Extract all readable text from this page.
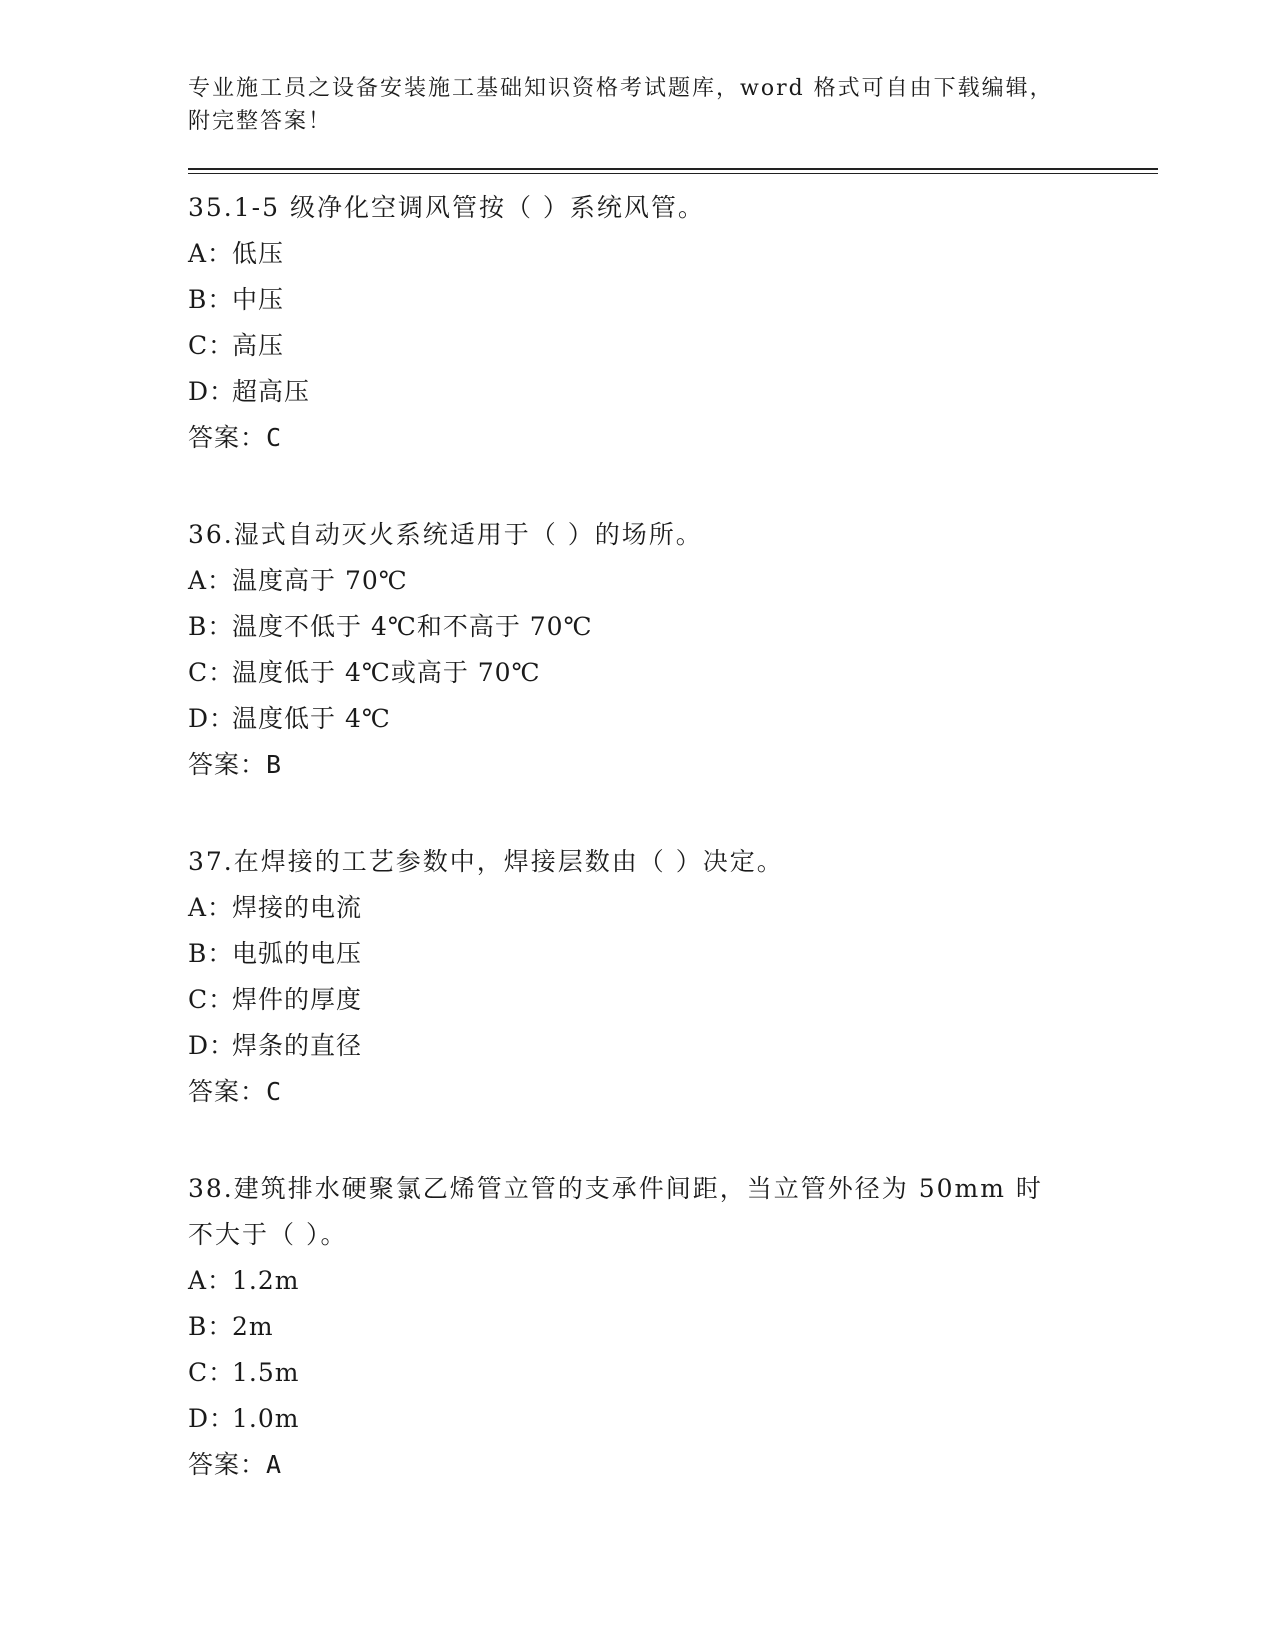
专业施工员之设备安装施工基础知识资格考试题库，word 格式可自由下载编辑，
附完整答案！
35.1-5 级净化空调风管按（ ）系统风管。
A：低压
B：中压
C：高压
D：超高压
答案：C
36.湿式自动灭火系统适用于（ ）的场所。
A：温度高于 70℃
B：温度不低于 4℃和不高于 70℃
C：温度低于 4℃或高于 70℃
D：温度低于 4℃
答案：B
37.在焊接的工艺参数中，焊接层数由（ ）决定。
A：焊接的电流
B：电弧的电压
C：焊件的厚度
D：焊条的直径
答案：C
38.建筑排水硬聚氯乙烯管立管的支承件间距，当立管外径为 50mm 时不大于（ ）。
A：1.2m
B：2m
C：1.5m
D：1.0m
答案：A
